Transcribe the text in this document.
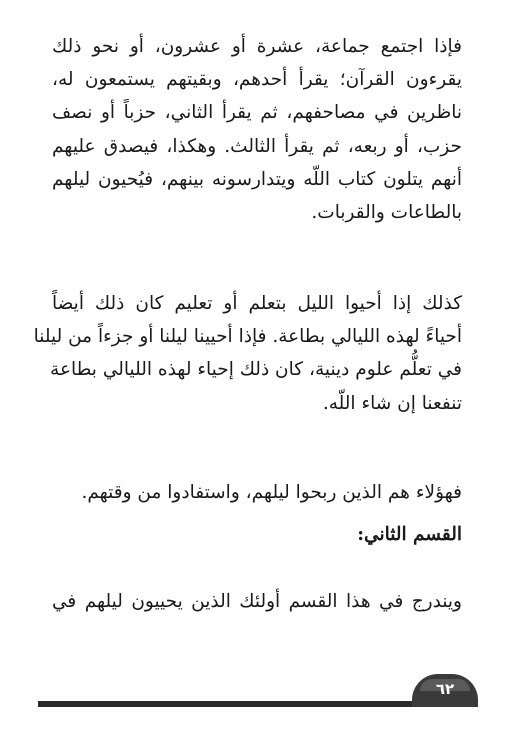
فإذا اجتمع جماعة، عشرة أو عشرون، أو نحو ذلك
يقرءون القرآن؛ يقرأ أحدهم، وبقيتهم يستمعون له،
ناظرين في مصاحفهم، ثم يقرأ الثاني، حزباً أو نصف
حزب، أو ربعه، ثم يقرأ الثالث. وهكذا، فيصدق عليهم
أنهم يتلون كتاب اللّه ويتدارسونه بينهم، فيُحيون ليلهم
بالطاعات والقربات.

كذلك إذا أحيوا الليل بتعلم أو تعليم كان ذلك أيضاً
أحياءً لهذه الليالي بطاعة. فإذا أحيينا ليلنا أو جزءاً من ليلنا
في تعلُّم علوم دينية، كان ذلك إحياء لهذه الليالي بطاعة
تنفعنا إن شاء اللّه.

فهؤلاء هم الذين ربحوا ليلهم، واستفادوا من وقتهم.

القسم الثاني:

ويندرج في هذا القسم أولئك الذين يحييون ليلهم في

٦٢
